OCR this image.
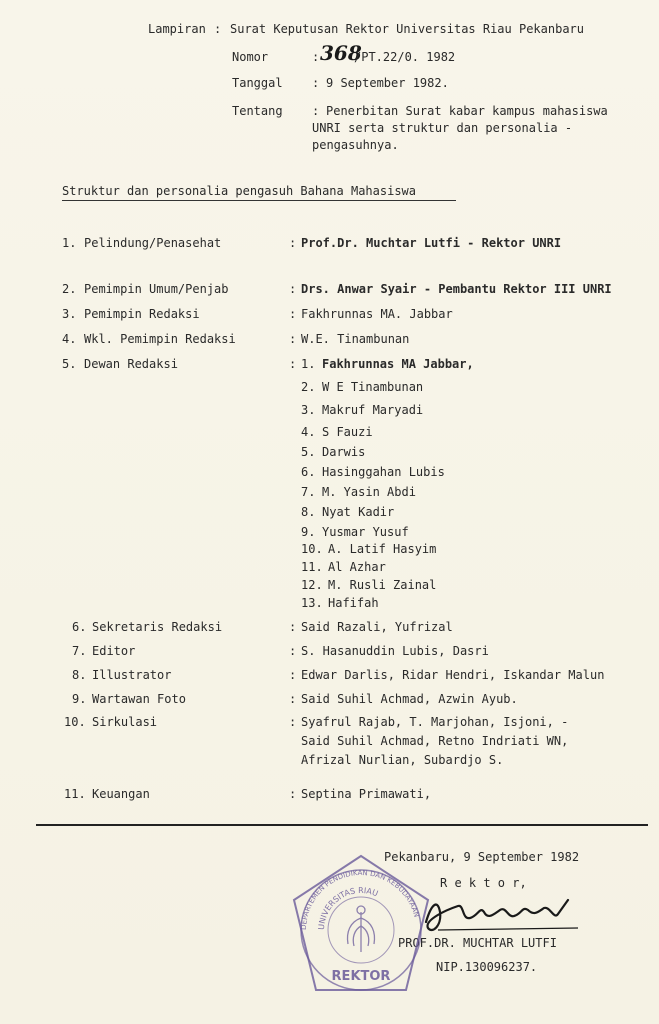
Lampiran : Surat Keputusan Rektor Universitas Riau Pekanbaru
Nomor	: 368
/PT.22/0. 1982
Tanggal : 9 September 1982.
Tentang : Penerbitan Surat kabar kampus mahasiswa
UNRI serta struktur dan personalia -
pengasuhnya.
Struktur dan personalia pengasuh Bahana Mahasiswa
1. Pelindung/Penasehat	: Prof.Dr. Muchtar Lutfi - Rektor UNRI
2. Pemimpin Umum/Penjab	: Drs. Anwar Syair - Pembantu Rektor III UNRI
3. Pemimpin Redaksi	: Fakhrunnas MA. Jabbar
4. Wkl. Pemimpin Redaksi	: W.E. Tinambunan
5. Dewan Redaksi	: 1. Fakhrunnas MA Jabbar,
2. W E Tinambunan
3. Makruf Maryadi
4. S Fauzi
5. Darwis
6. Hasinggahan Lubis
7. M. Yasin Abdi
8. Nyat Kadir
9. Yusmar Yusuf
10. A. Latif Hasyim
11. Al Azhar
12. M. Rusli Zainal
13. Hafifah
6. Sekretaris Redaksi	: Said Razali, Yufrizal
7. Editor	: S. Hasanuddin Lubis, Dasri
8. Illustrator	: Edwar Darlis, Ridar Hendri, Iskandar Malun
9. Wartawan Foto	: Said Suhil Achmad, Azwin Ayub.
10. Sirkulasi	: Syafrul Rajab, T. Marjohan, Isjoni, -
Said Suhil Achmad, Retno Indriati WN,
Afrizal Nurlian, Subardjo S.
11. Keuangan	: Septina Primawati,
Pekanbaru, 9 September 1982
R e k t o r,
PROF.DR. MUCHTAR LUTFI
NIP.130096237.
DEPARTEMEN PENDIDIKAN DAN KEBUDAYAAN
UNIVERSITAS RIAU
REKTOR
